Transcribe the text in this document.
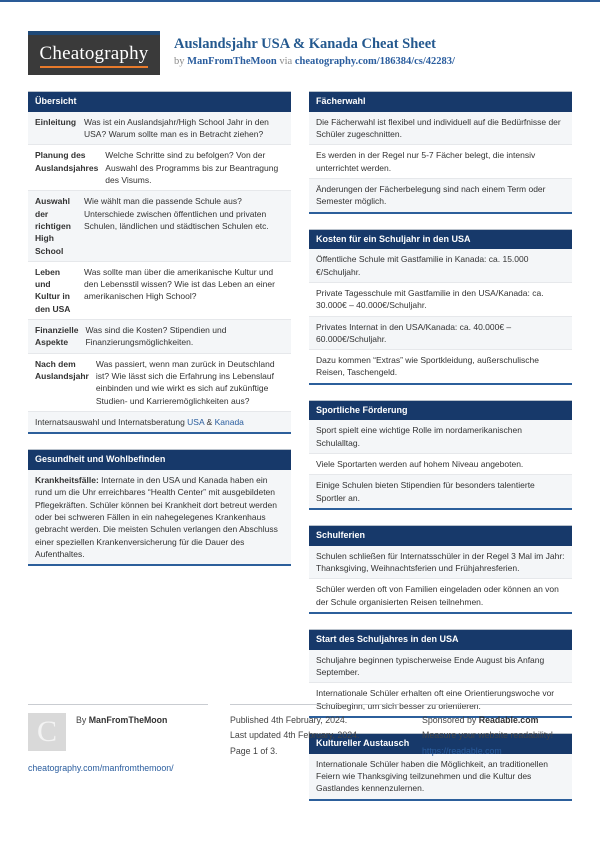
Cheatography Auslandsjahr USA & Kanada Cheat Sheet
by ManFromTheMoon via cheatography.com/186384/cs/42283/
Übersicht
Einleitung Was ist ein Auslandsjahr/High School Jahr in den USA? Warum sollte man es in Betracht ziehen?
Planung des Auslandsjahres
Welche Schritte sind zu befolgen? Von der Auswahl des Programms bis zur Beantragung des Visums.
Auswahl der richtigen High School
Wie wählt man die passende Schule aus? Unterschiede zwischen öffentlichen und privaten Schulen, ländlichen und städtischen Schulen etc.
Leben und Kultur in den USA
Was sollte man über die amerikanische Kultur und den Lebensstil wissen? Wie ist das Leben an einer amerikanischen High School?
Finanzielle Aspekte
Was sind die Kosten? Stipendien und Finanzierungsmöglichkeiten.
Nach dem Auslandsjahr
Was passiert, wenn man zurück in Deutschland ist? Wie lässt sich die Erfahrung ins Lebenslauf einbinden und wie wirkt es sich auf zukünftige Studien- und Karrieremöglichkeiten aus?
Internatsauswahl und Internatsberatung USA & Kanada
Gesundheit und Wohlbefinden
Krankheitsfälle: Internate in den USA und Kanada haben ein rund um die Uhr erreichbares “Health Center” mit ausgebildeten Pflegekräften. Schüler können bei Krankheit dort betreut werden oder bei schweren Fällen in ein nahegelegenes Krankenhaus gebracht werden. Die meisten Schulen verlangen den Abschluss einer speziellen Krankenversicherung für die Dauer des Aufenthaltes.
Fächerwahl
Die Fächerwahl ist flexibel und individuell auf die Bedürfnisse der Schüler zugeschnitten.
Es werden in der Regel nur 5-7 Fächer belegt, die intensiv unterrichtet werden.
Änderungen der Fächerbelegung sind nach einem Term oder Semester möglich.
Kosten für ein Schuljahr in den USA
Öffentliche Schule mit Gastfamilie in Kanada: ca. 15.000 €/Schuljahr.
Private Tagesschule mit Gastfamilie in den USA/Kanada: ca. 30.000€ – 40.000€/Schuljahr.
Privates Internat in den USA/Kanada: ca. 40.000€ – 60.000€/Schuljahr.
Dazu kommen “Extras” wie Sportkleidung, außerschulische Reisen, Taschengeld.
Sportliche Förderung
Sport spielt eine wichtige Rolle im nordamerikanischen Schulalltag.
Viele Sportarten werden auf hohem Niveau angeboten.
Einige Schulen bieten Stipendien für besonders talentierte Sportler an.
Schulferien
Schulen schließen für Internatsschüler in der Regel 3 Mal im Jahr: Thanksgiving, Weihnachtsferien und Frühjahresferien.
Schüler werden oft von Familien eingeladen oder können an von der Schule organisierten Reisen teilnehmen.
Start des Schuljahres in den USA
Schuljahre beginnen typischerweise Ende August bis Anfang September.
Internationale Schüler erhalten oft eine Orientierungswoche vor Schulbeginn, um sich besser zu orientieren.
Kultureller Austausch
Internationale Schüler haben die Möglichkeit, an traditionellen Feiern wie Thanksgiving teilzunehmen und die Kultur des Gastlandes kennenzulernen.
C By ManFromTheMoon
cheatography.com/manfromthemoon/
Published 4th February, 2024.
Last updated 4th February, 2024.
Page 1 of 3.
Sponsored by Readable.com
Measure your website readability!
https://readable.com
